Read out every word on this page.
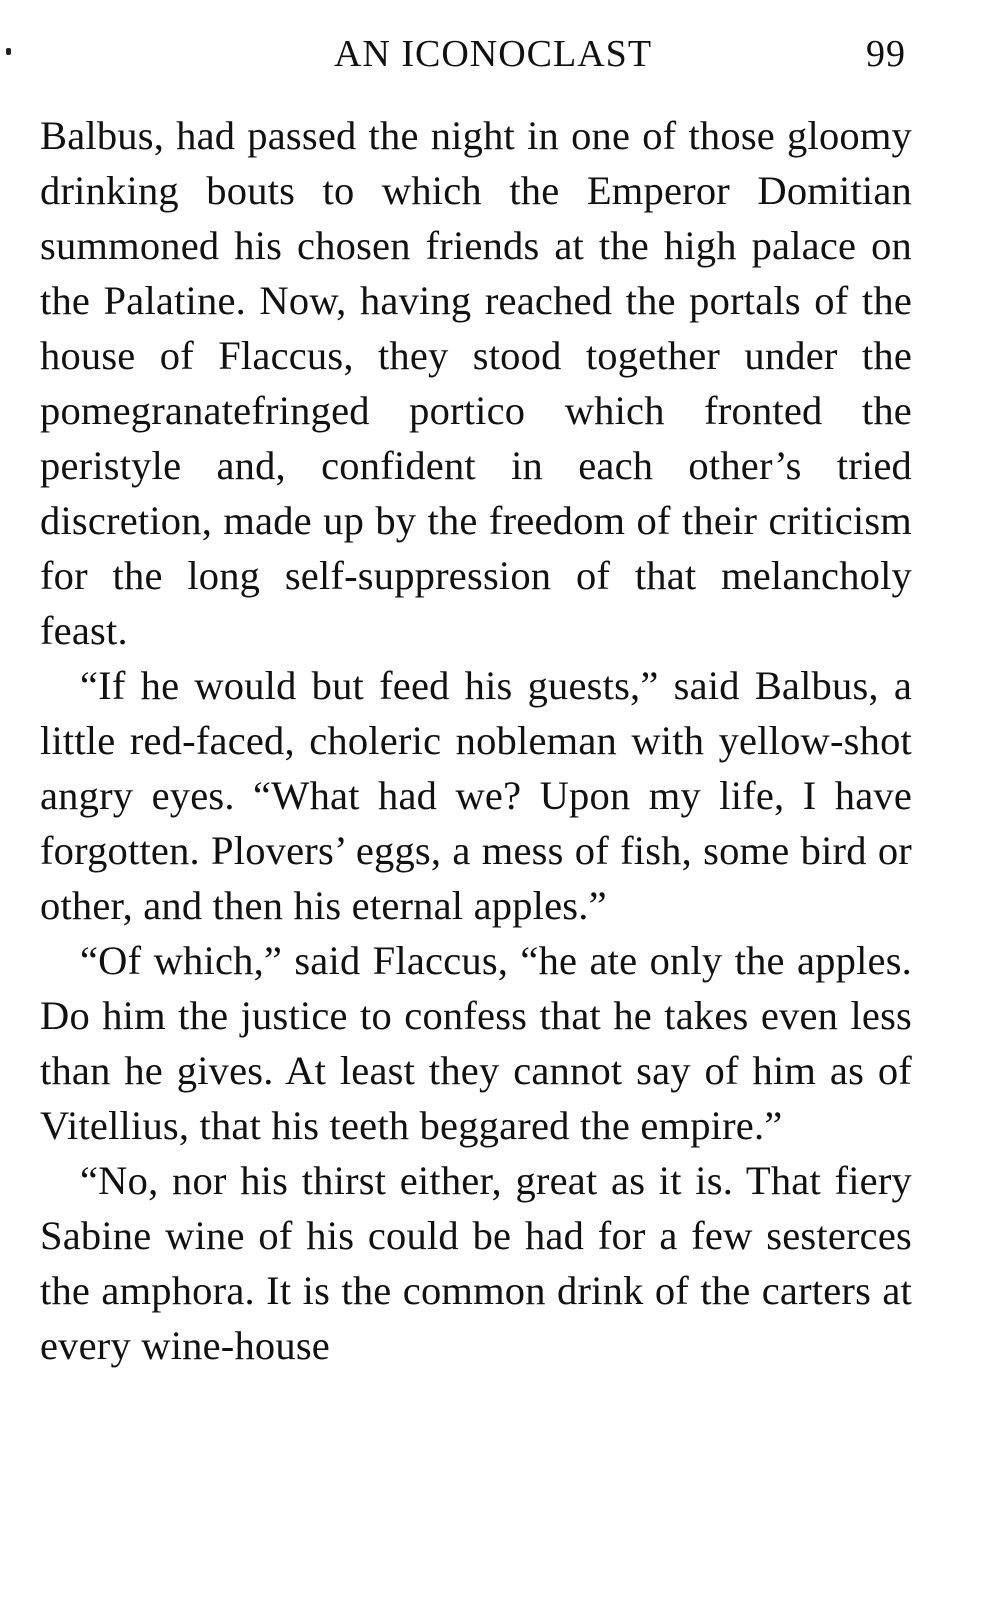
AN ICONOCLAST	99

Balbus, had passed the night in one of those gloomy drinking bouts to which the Emperor Domitian summoned his chosen friends at the high palace on the Palatine. Now, having reached the portals of the house of Flaccus, they stood together under the pomegranatefringed portico which fronted the peristyle and, confident in each other’s tried discretion, made up by the freedom of their criticism for the long self-suppression of that melancholy feast.

“If he would but feed his guests,” said Balbus, a little red-faced, choleric nobleman with yellow-shot angry eyes. “What had we? Upon my life, I have forgotten. Plovers’ eggs, a mess of fish, some bird or other, and then his eternal apples.”

“Of which,” said Flaccus, “he ate only the apples. Do him the justice to confess that he takes even less than he gives. At least they cannot say of him as of Vitellius, that his teeth beggared the empire.”

“No, nor his thirst either, great as it is. That fiery Sabine wine of his could be had for a few sesterces the amphora. It is the common drink of the carters at every wine-house
